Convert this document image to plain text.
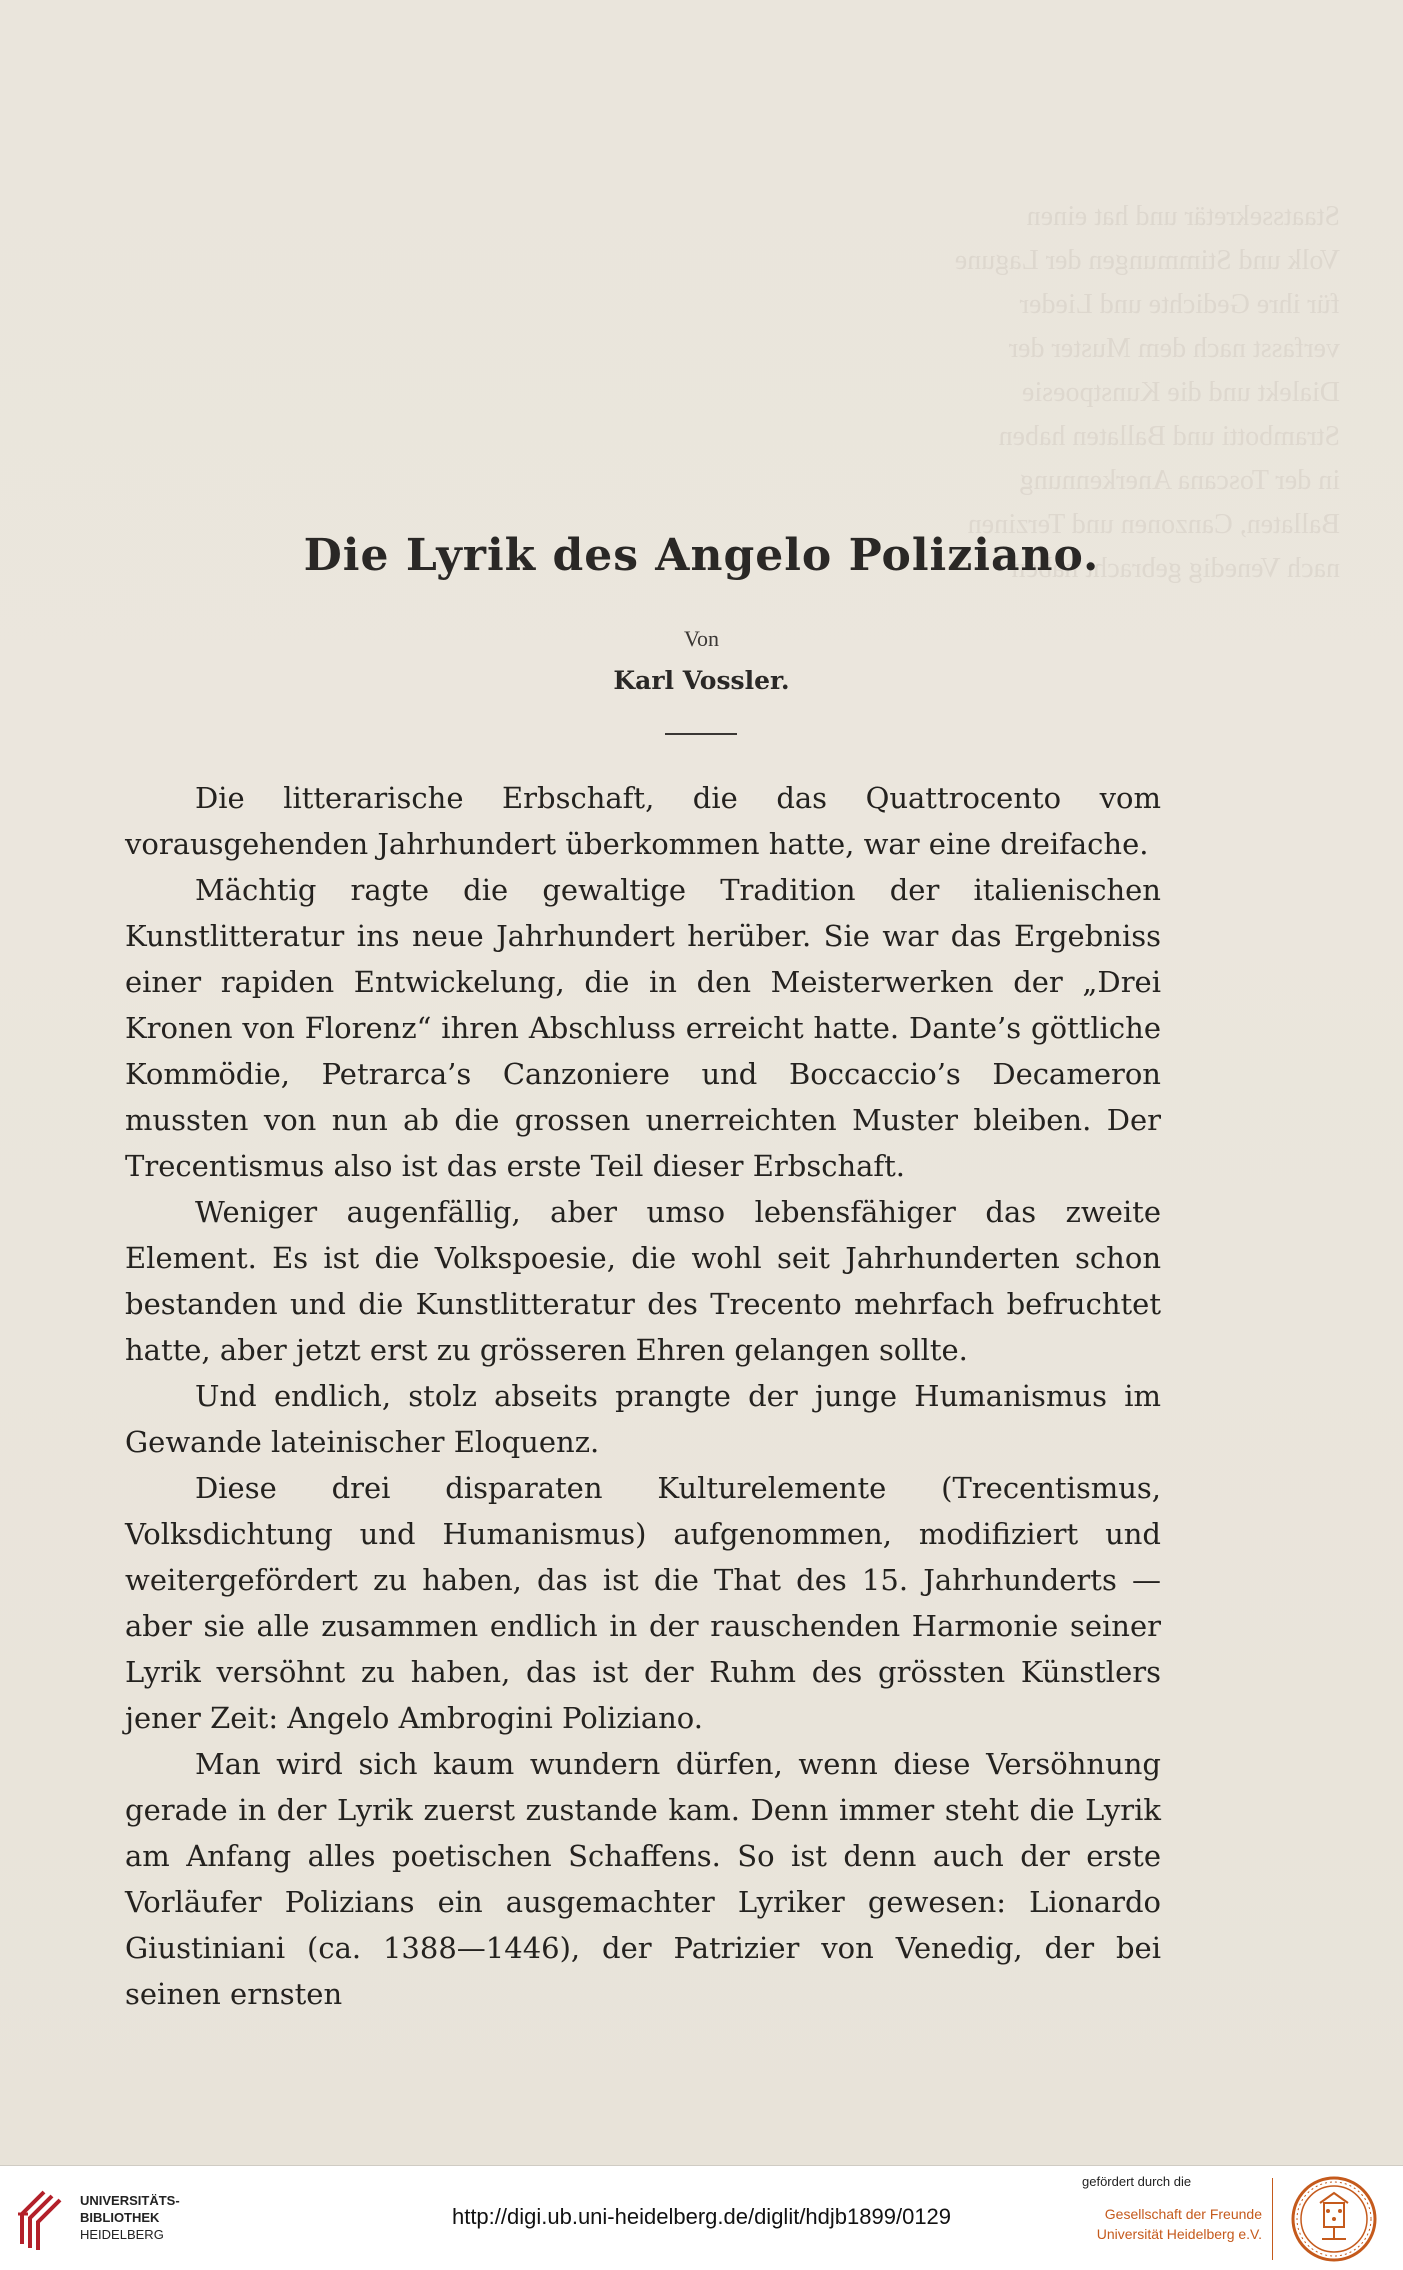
Staatssekretär und hat einen
Volk und Stimmungen der Lagune
für ihre Gedichte und Lieder
verfasst nach dem Muster der
Dialekt und die Kunstpoesie
Strambotti und Ballaten haben
in der Toscana Anerkennung
Ballaten, Canzonen und Terzinen
nach Venedig gebracht haben
Die Lyrik des Angelo Poliziano.
Von
Karl Vossler.

Die litterarische Erbschaft, die das Quattrocento vom vorausgehenden Jahrhundert überkommen hatte, war eine dreifache.

Mächtig ragte die gewaltige Tradition der italienischen Kunstlitteratur ins neue Jahrhundert herüber. Sie war das Ergebniss einer rapiden Entwickelung, die in den Meisterwerken der „Drei Kronen von Florenz“ ihren Abschluss erreicht hatte. Dante’s göttliche Kommödie, Petrarca’s Canzoniere und Boccaccio’s Decameron mussten von nun ab die grossen unerreichten Muster bleiben. Der Trecentismus also ist das erste Teil dieser Erbschaft.

Weniger augenfällig, aber umso lebensfähiger das zweite Element. Es ist die Volkspoesie, die wohl seit Jahrhunderten schon bestanden und die Kunstlitteratur des Trecento mehrfach befruchtet hatte, aber jetzt erst zu grösseren Ehren gelangen sollte.

Und endlich, stolz abseits prangte der junge Humanismus im Gewande lateinischer Eloquenz.

Diese drei disparaten Kulturelemente (Trecentismus, Volksdichtung und Humanismus) aufgenommen, modifiziert und weitergefördert zu haben, das ist die That des 15. Jahrhunderts — aber sie alle zusammen endlich in der rauschenden Harmonie seiner Lyrik versöhnt zu haben, das ist der Ruhm des grössten Künstlers jener Zeit: Angelo Ambrogini Poliziano.

Man wird sich kaum wundern dürfen, wenn diese Versöhnung gerade in der Lyrik zuerst zustande kam. Denn immer steht die Lyrik am Anfang alles poetischen Schaffens. So ist denn auch der erste Vorläufer Polizians ein ausgemachter Lyriker gewesen: Lionardo Giustiniani (ca. 1388—1446), der Patrizier von Venedig, der bei seinen ernsten

UNIVERSITÄTS-
BIBLIOTHEK
HEIDELBERG
http://digi.ub.uni-heidelberg.de/diglit/hdjb1899/0129
gefördert durch die
Gesellschaft der Freunde
Universität Heidelberg e.V.
